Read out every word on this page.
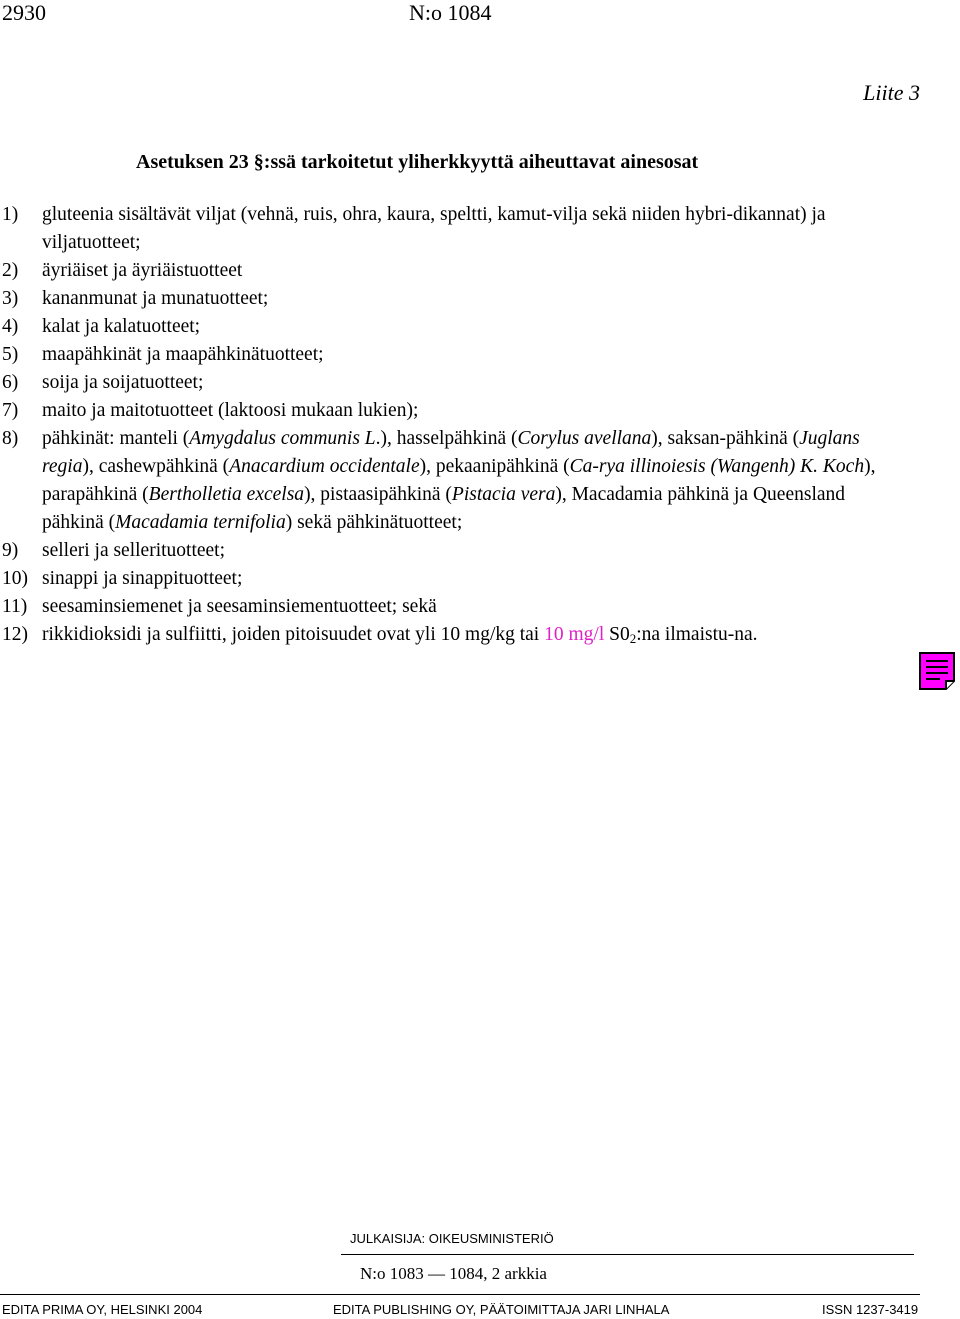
2930	N:o 1084
Liite 3
Asetuksen 23 §:ssä tarkoitetut yliherkkyyttä aiheuttavat ainesosat
1)	gluteenia sisältävät viljat (vehnä, ruis, ohra, kaura, speltti, kamut-vilja sekä niiden hybri-dikannat) ja viljatuotteet;
2)	äyriäiset ja äyriäistuotteet
3)	kananmunat ja munatuotteet;
4)	kalat ja kalatuotteet;
5)	maapähkinät ja maapähkinätuotteet;
6)	soija ja soijatuotteet;
7)	maito ja maitotuotteet (laktoosi mukaan lukien);
8)	pähkinät: manteli (Amygdalus communis L.), hasselpähkinä (Corylus avellana), saksan-pähkinä (Juglans regia), cashewpähkinä (Anacardium occidentale), pekaanipähkinä (Ca-rya illinoiesis (Wangenh) K. Koch), parapähkinä (Bertholletia excelsa), pistaasipähkinä (Pistacia vera), Macadamia pähkinä ja Queensland pähkinä (Macadamia ternifolia) sekä pähkinätuotteet;
9)	selleri ja sellerituotteet;
10) sinappi ja sinappituotteet;
11) seesaminsiemenet ja seesaminsiementuotteet; sekä
12) rikkidioksidi ja sulfiitti, joiden pitoisuudet ovat yli 10 mg/kg tai 10 mg/l $S0_2:na$ ilmaistu-na.
JULKAISIJA: OIKEUSMINISTERIÖ
N:o 1083 — 1084, 2 arkkia
EDITA PRIMA OY, HELSINKI 2004	EDITA PUBLISHING OY, PÄÄTOIMITTAJA JARI LINHALA	ISSN 1237-3419
